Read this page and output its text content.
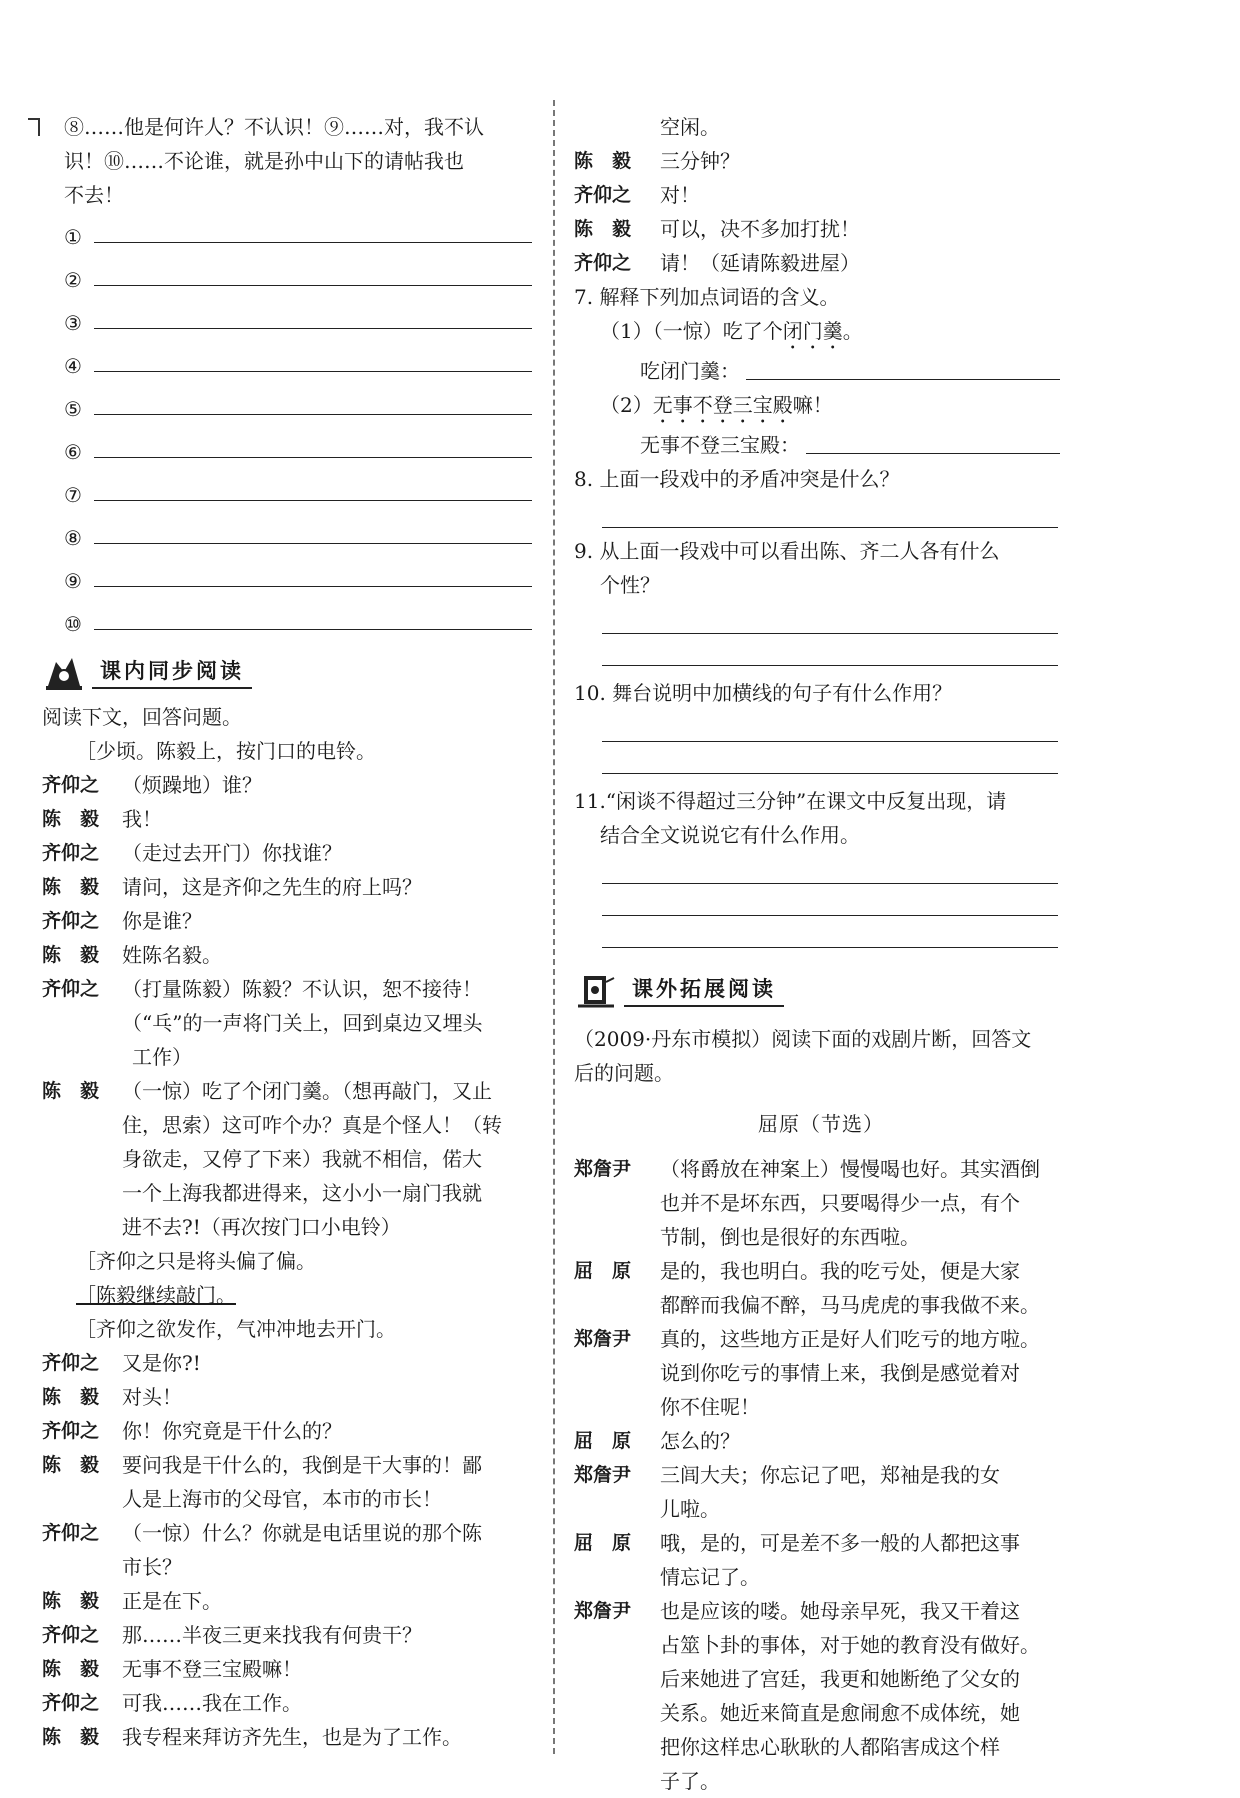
⑧……他是何许人？不认识！⑨……对，我不认
识！⑩……不论谁，就是孙中山下的请帖我也
不去！
①
②
③
④
⑤
⑥
⑦
⑧
⑨
⑩
课内同步阅读
阅读下文，回答问题。
［少顷。陈毅上，按门口的电铃。
齐仰之	（烦躁地）谁？
陈　毅	我！
齐仰之	（走过去开门）你找谁？
陈　毅	请问，这是齐仰之先生的府上吗？
齐仰之	你是谁？
陈　毅	姓陈名毅。
齐仰之	（打量陈毅）陈毅？不认识，恕不接待！
（“乓”的一声将门关上，回到桌边又埋头
工作）
陈　毅	（一惊）吃了个闭门羹。（想再敲门，又止
住，思索）这可咋个办？真是个怪人！（转
身欲走，又停了下来）我就不相信，偌大
一个上海我都进得来，这小小一扇门我就
进不去?!（再次按门口小电铃）
［齐仰之只是将头偏了偏。
［陈毅继续敲门。
［齐仰之欲发作，气冲冲地去开门。
齐仰之	又是你?!
陈　毅	对头！
齐仰之	你！你究竟是干什么的？
陈　毅	要问我是干什么的，我倒是干大事的！鄙
人是上海市的父母官，本市的市长！
齐仰之	（一惊）什么？你就是电话里说的那个陈
市长？
陈　毅	正是在下。
齐仰之	那……半夜三更来找我有何贵干？
陈　毅	无事不登三宝殿嘛！
齐仰之	可我……我在工作。
陈　毅	我专程来拜访齐先生，也是为了工作。
空闲。
陈　毅	三分钟？
齐仰之	对！
陈　毅	可以，决不多加打扰！
齐仰之	请！（延请陈毅进屋）
7. 解释下列加点词语的含义。
（1）（一惊）吃了个闭门羹。
吃闭门羹：
（2）无事不登三宝殿嘛！
无事不登三宝殿：
8. 上面一段戏中的矛盾冲突是什么？
9. 从上面一段戏中可以看出陈、齐二人各有什么
个性？
10. 舞台说明中加横线的句子有什么作用？
11.“闲谈不得超过三分钟”在课文中反复出现，请
结合全文说说它有什么作用。
课外拓展阅读
（2009·丹东市模拟）阅读下面的戏剧片断，回答文
后的问题。
屈原（节选）
郑詹尹	（将爵放在神案上）慢慢喝也好。其实酒倒
也并不是坏东西，只要喝得少一点，有个
节制，倒也是很好的东西啦。
屈　原	是的，我也明白。我的吃亏处，便是大家
都醉而我偏不醉，马马虎虎的事我做不来。
郑詹尹	真的，这些地方正是好人们吃亏的地方啦。
说到你吃亏的事情上来，我倒是感觉着对
你不住呢！
屈　原	怎么的？
郑詹尹	三闾大夫；你忘记了吧，郑袖是我的女
儿啦。
屈　原	哦，是的，可是差不多一般的人都把这事
情忘记了。
郑詹尹	也是应该的喽。她母亲早死，我又干着这
占筮卜卦的事体，对于她的教育没有做好。
后来她进了宫廷，我更和她断绝了父女的
关系。她近来简直是愈闹愈不成体统，她
把你这样忠心耿耿的人都陷害成这个样
子了。
